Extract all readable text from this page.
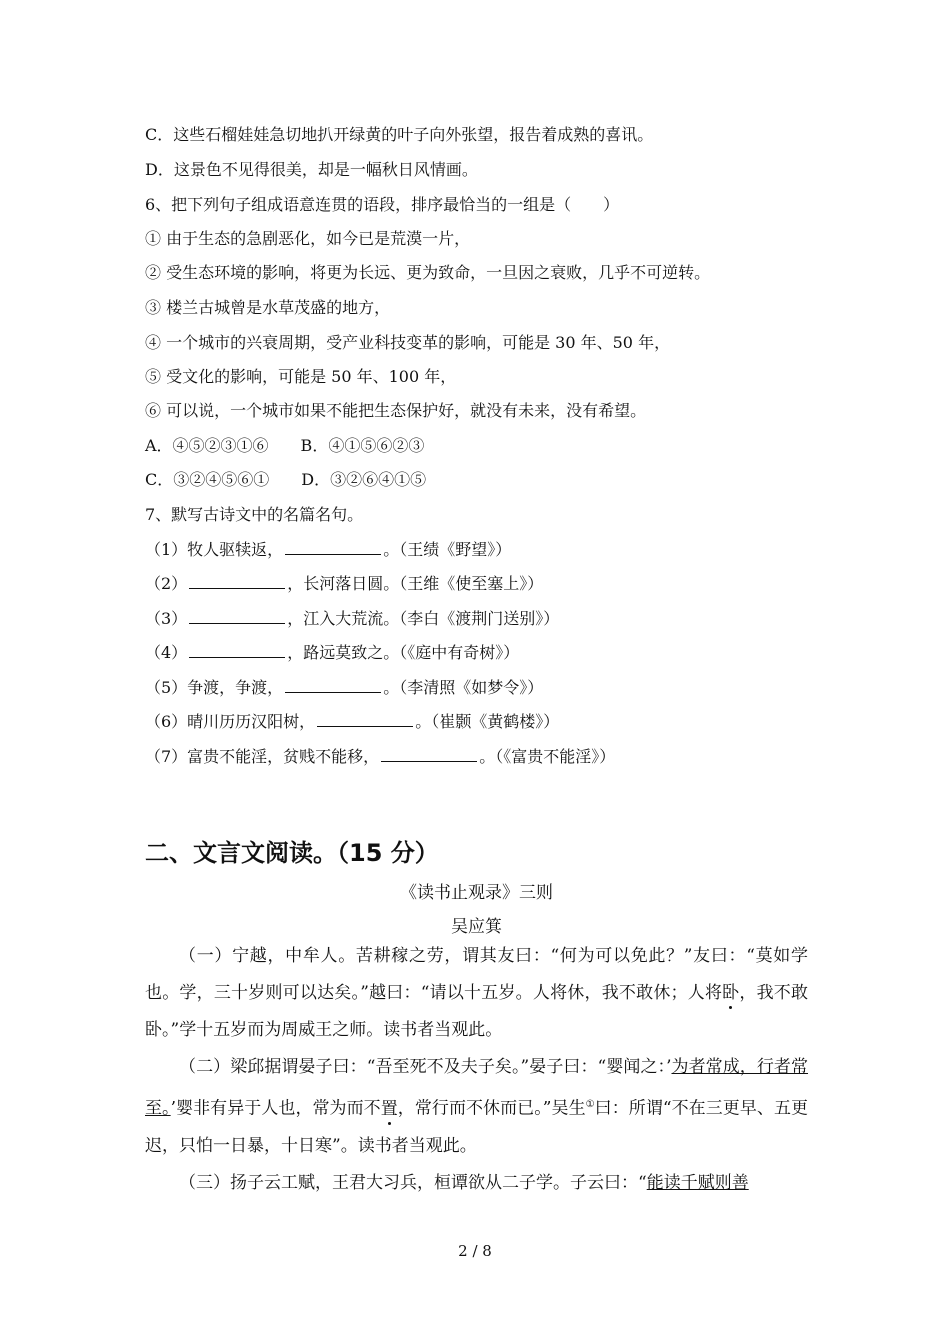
C．这些石榴娃娃急切地扒开绿黄的叶子向外张望，报告着成熟的喜讯。
D．这景色不见得很美，却是一幅秋日风情画。
6、把下列句子组成语意连贯的语段，排序最恰当的一组是（　　）
① 由于生态的急剧恶化，如今已是荒漠一片，
② 受生态环境的影响，将更为长远、更为致命，一旦因之衰败，几乎不可逆转。
③ 楼兰古城曾是水草茂盛的地方，
④ 一个城市的兴衰周期，受产业科技变革的影响，可能是 30 年、50 年，
⑤ 受文化的影响，可能是 50 年、100 年，
⑥ 可以说，一个城市如果不能把生态保护好，就没有未来，没有希望。
A．④⑤②③①⑥　　B．④①⑤⑥②③
C．③②④⑤⑥①　　D．③②⑥④①⑤
7、默写古诗文中的名篇名句。
（1）牧人驱犊返，	。（王绩《野望》）
（2）	，长河落日圆。（王维《使至塞上》）
（3）	，江入大荒流。（李白《渡荆门送别》）
（4）	，路远莫致之。（《庭中有奇树》）
（5）争渡，争渡，	。（李清照《如梦令》）
（6）晴川历历汉阳树，	。（崔颢《黄鹤楼》）
（7）富贵不能淫，贫贱不能移，	。（《富贵不能淫》）
二、文言文阅读。（15 分）
《读书止观录》三则
吴应箕

（一）宁越，中牟人。苦耕稼之劳，谓其友曰：“何为可以免此？”友曰：“莫如学也。学，三十岁则可以达矣。”越曰：“请以十五岁。人将休，我不敢休；人将卧，我不敢卧。”学十五岁而为周威王之师。读书者当观此。

（二）梁邱据谓晏子曰：“吾至死不及夫子矣。”晏子曰：“婴闻之：’为者常成，行者常至。’婴非有异于人也，常为而不置，常行而不休而已。”吴生①曰：所谓“不在三更早、五更迟，只怕一日暴，十日寒”。读书者当观此。

（三）扬子云工赋，王君大习兵，桓谭欲从二子学。子云曰：“能读千赋则善

2 / 8
